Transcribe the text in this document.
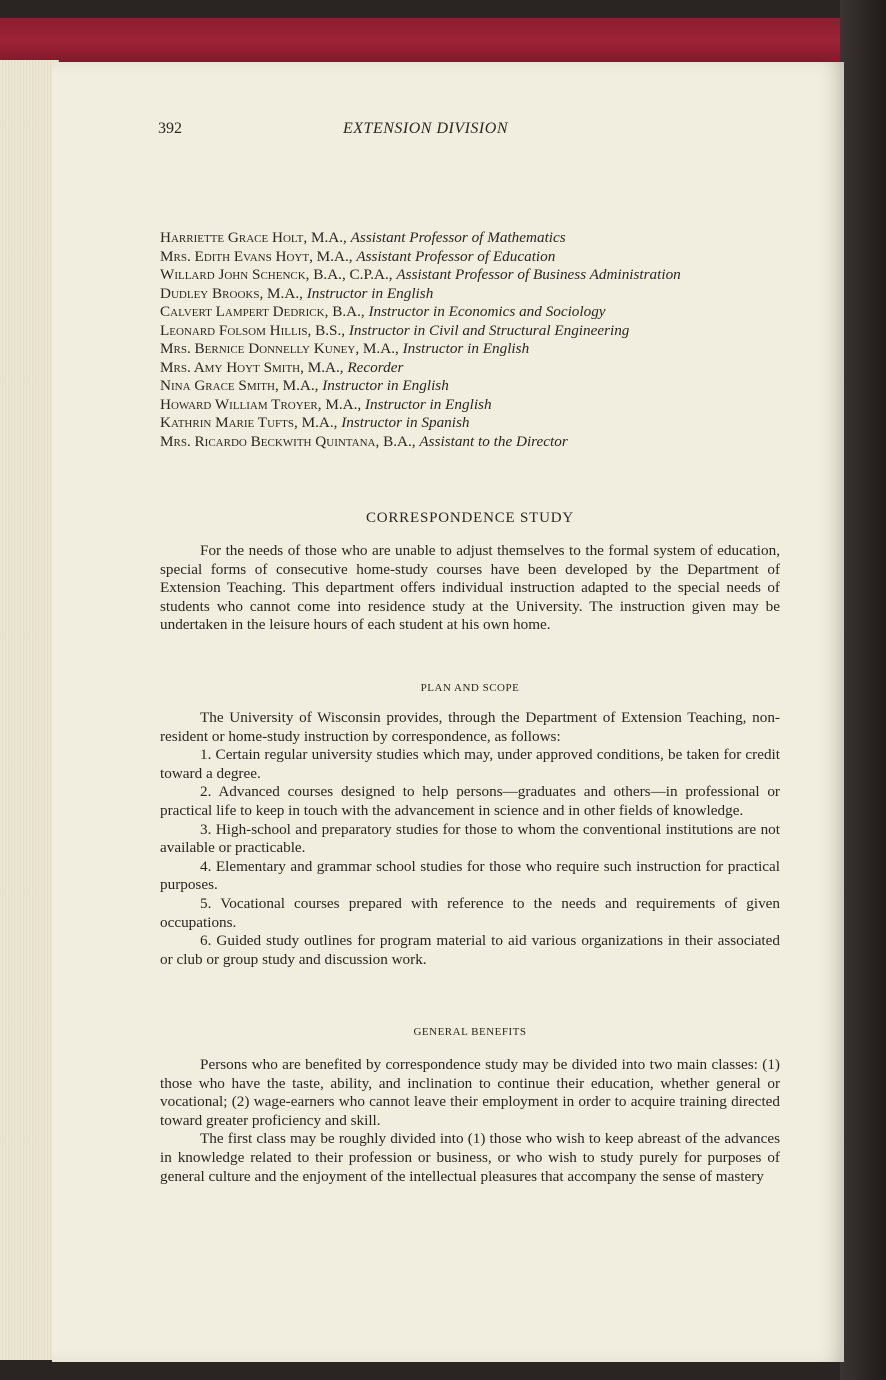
392	EXTENSION DIVISION

Harriette Grace Holt, M.A., Assistant Professor of Mathematics

Mrs. Edith Evans Hoyt, M.A., Assistant Professor of Education

Willard John Schenck, B.A., C.P.A., Assistant Professor of Business Administration

Dudley Brooks, M.A., Instructor in English

Calvert Lampert Dedrick, B.A., Instructor in Economics and Sociology

Leonard Folsom Hillis, B.S., Instructor in Civil and Structural Engineering

Mrs. Bernice Donnelly Kuney, M.A., Instructor in English

Mrs. Amy Hoyt Smith, M.A., Recorder

Nina Grace Smith, M.A., Instructor in English

Howard William Troyer, M.A., Instructor in English

Kathrin Marie Tufts, M.A., Instructor in Spanish

Mrs. Ricardo Beckwith Quintana, B.A., Assistant to the Director

CORRESPONDENCE STUDY

For the needs of those who are unable to adjust themselves to the formal system of education, special forms of consecutive home-study courses have been developed by the Department of Extension Teaching. This department offers individual instruction adapted to the special needs of students who cannot come into residence study at the University. The instruction given may be undertaken in the leisure hours of each student at his own home.

PLAN AND SCOPE

The University of Wisconsin provides, through the Department of Extension Teaching, non-resident or home-study instruction by correspondence, as follows:

1. Certain regular university studies which may, under approved conditions, be taken for credit toward a degree.

2. Advanced courses designed to help persons—graduates and others—in professional or practical life to keep in touch with the advancement in science and in other fields of knowledge.

3. High-school and preparatory studies for those to whom the conventional institutions are not available or practicable.

4. Elementary and grammar school studies for those who require such instruction for practical purposes.

5. Vocational courses prepared with reference to the needs and requirements of given occupations.

6. Guided study outlines for program material to aid various organizations in their associated or club or group study and discussion work.

GENERAL BENEFITS

Persons who are benefited by correspondence study may be divided into two main classes: (1) those who have the taste, ability, and inclination to continue their education, whether general or vocational; (2) wage-earners who cannot leave their employment in order to acquire training directed toward greater proficiency and skill.

The first class may be roughly divided into (1) those who wish to keep abreast of the advances in knowledge related to their profession or business, or who wish to study purely for purposes of general culture and the enjoyment of the intellectual pleasures that accompany the sense of mastery
